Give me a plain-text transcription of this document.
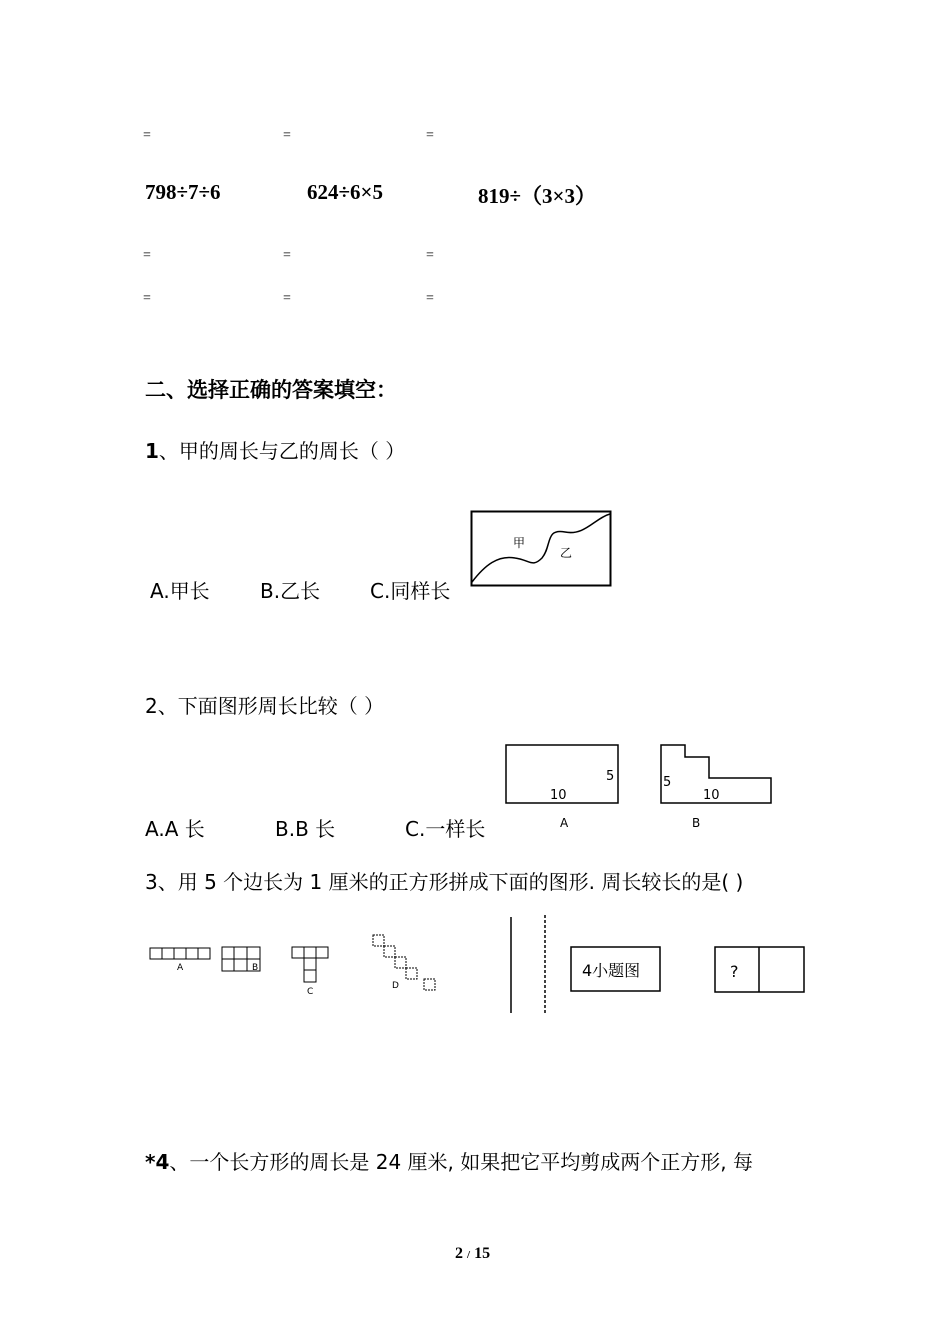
=	=	=
798÷7÷6	624÷6×5	819÷（3×3）
=	=	=
=	=	=
二、选择正确的答案填空：
1、甲的周长与乙的周长（ ）
A.甲长	B.乙长 C.同样长
甲
乙
2、下面图形周长比较（ ）
A.A 长	B.B 长	C.一样长
10
5
A
5
10
B
3、用 5 个边长为 1 厘米的正方形拼成下面的图形. 周长较长的是( )
A	B
C
D
4小题图	?
*4、一个长方形的周长是 24 厘米, 如果把它平均剪成两个正方形, 每
2 / 15
